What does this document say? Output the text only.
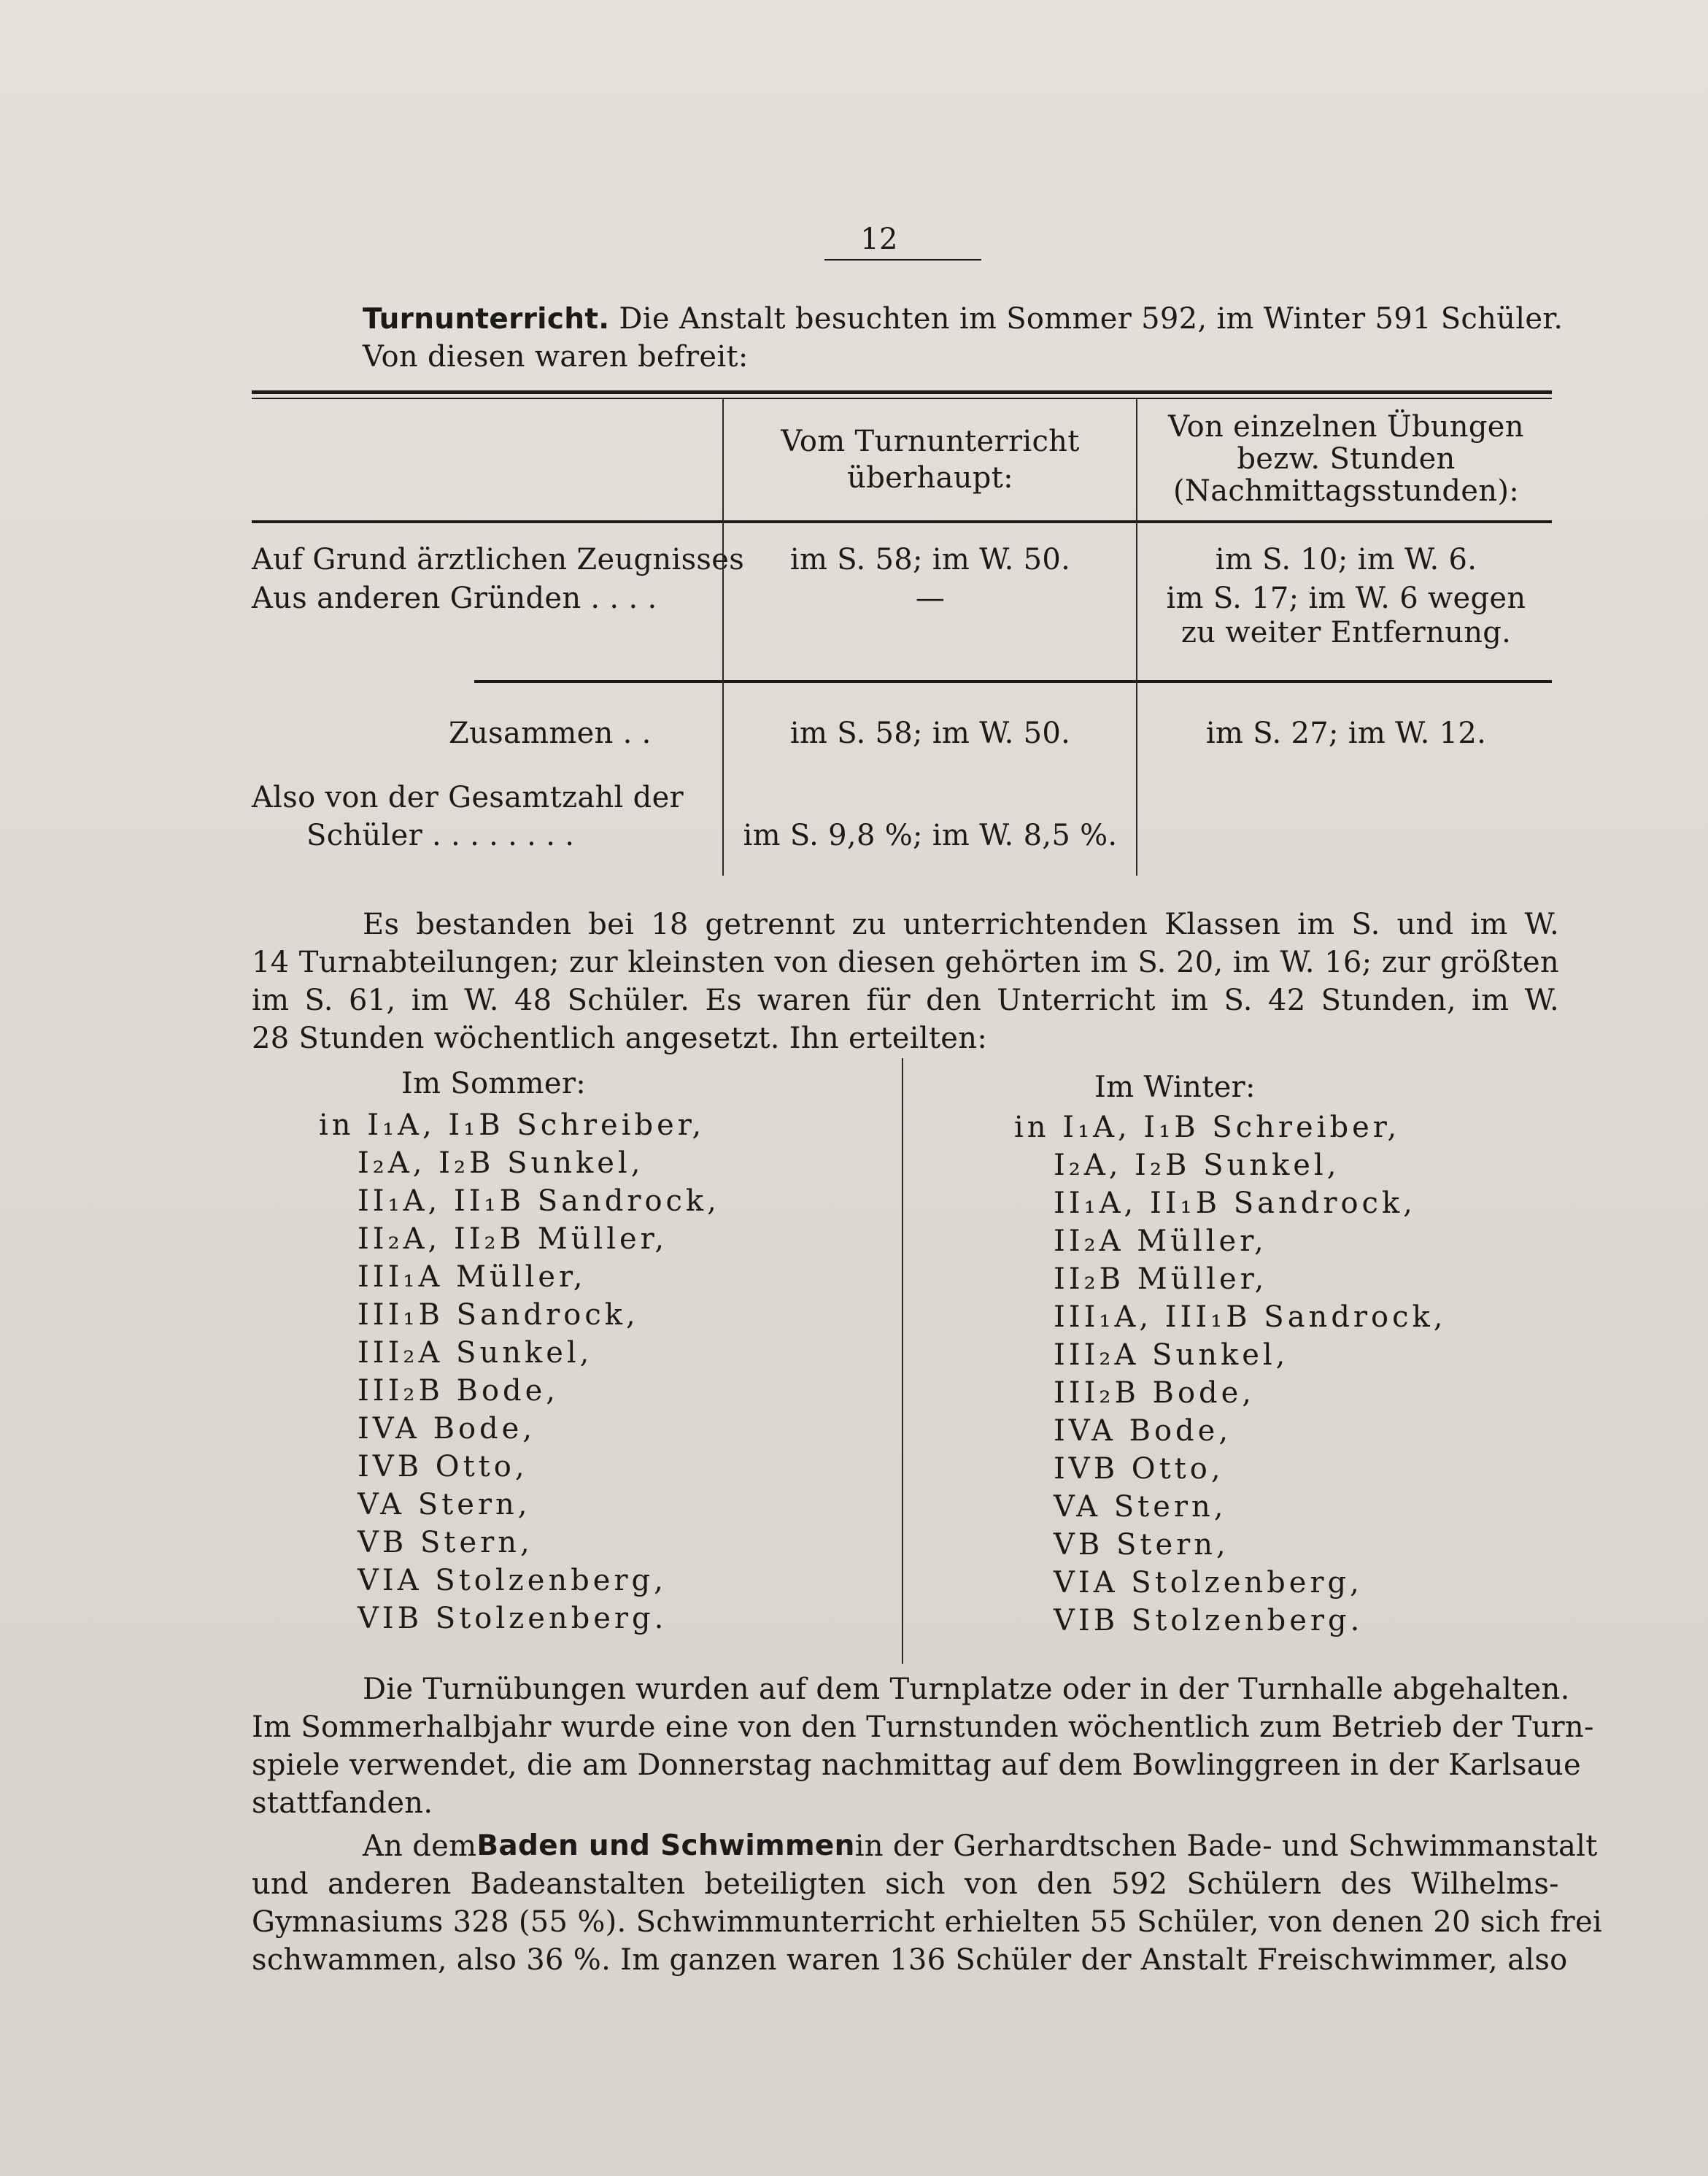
12
Turnunterricht. Die Anstalt besuchten im Sommer 592, im Winter 591 Schüler.
Von diesen waren befreit:
Vom Turnunterricht überhaupt:
Von einzelnen Übungen
bezw. Stunden
(Nachmittagsstunden):
Auf Grund ärztlichen Zeugnisses	im S. 58; im W. 50.	im S. 10; im W. 6.
Aus anderen Gründen . . . .	—	im S. 17; im W. 6 wegen
zu weiter Entfernung.
Zusammen . .	im S. 58; im W. 50.	im S. 27; im W. 12.
Also von der Gesamtzahl der
Schüler . . . . . . . .	im S. 9,8 %; im W. 8,5 %.
Es bestanden bei 18 getrennt zu unterrichtenden Klassen im S. und im W.
14 Turnabteilungen; zur kleinsten von diesen gehörten im S. 20, im W. 16; zur größten
im S. 61, im W. 48 Schüler. Es waren für den Unterricht im S. 42 Stunden, im W.
28 Stunden wöchentlich angesetzt. Ihn erteilten:
Im Sommer:
in I₁A, I₁B Schreiber,
I₂A, I₂B Sunkel,
II₁A, II₁B Sandrock,
II₂A, II₂B Müller,
III₁A Müller,
III₁B Sandrock,
III₂A Sunkel,
III₂B Bode,
IVA Bode,
IVB Otto,
VA Stern,
VB Stern,
VIA Stolzenberg,
VIB Stolzenberg.
Im Winter:
in I₁A, I₁B Schreiber,
I₂A, I₂B Sunkel,
II₁A, II₁B Sandrock,
II₂A Müller,
II₂B Müller,
III₁A, III₁B Sandrock,
III₂A Sunkel,
III₂B Bode,
IVA Bode,
IVB Otto,
VA Stern,
VB Stern,
VIA Stolzenberg,
VIB Stolzenberg.
Die Turnübungen wurden auf dem Turnplatze oder in der Turnhalle abgehalten.
Im Sommerhalbjahr wurde eine von den Turnstunden wöchentlich zum Betrieb der Turn-
spiele verwendet, die am Donnerstag nachmittag auf dem Bowlinggreen in der Karlsaue
stattfanden.
An dem Baden und Schwimmen in der Gerhardtschen Bade- und Schwimmanstalt
und anderen Badeanstalten beteiligten sich von den 592 Schülern des Wilhelms-
Gymnasiums 328 (55 %). Schwimmunterricht erhielten 55 Schüler, von denen 20 sich frei
schwammen, also 36 %. Im ganzen waren 136 Schüler der Anstalt Freischwimmer, also
